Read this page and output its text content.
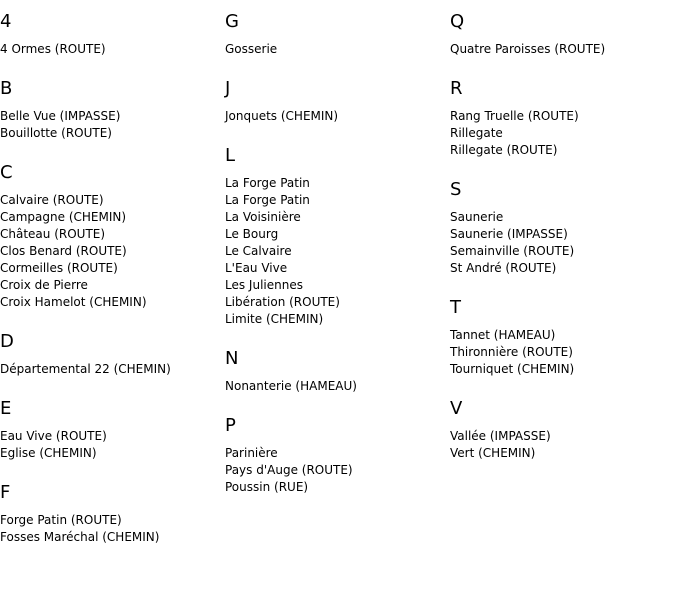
4
4 Ormes (ROUTE)
B
Belle Vue (IMPASSE)
Bouillotte (ROUTE)
C
Calvaire (ROUTE)
Campagne (CHEMIN)
Château (ROUTE)
Clos Benard (ROUTE)
Cormeilles (ROUTE)
Croix de Pierre
Croix Hamelot (CHEMIN)
D
Départemental 22 (CHEMIN)
E
Eau Vive (ROUTE)
Eglise (CHEMIN)
F
Forge Patin (ROUTE)
Fosses Maréchal (CHEMIN)
G
Gosserie
J
Jonquets (CHEMIN)
L
La Forge Patin
La Forge Patin
La Voisinière
Le Bourg
Le Calvaire
L'Eau Vive
Les Juliennes
Libération (ROUTE)
Limite (CHEMIN)
N
Nonanterie (HAMEAU)
P
Parinière
Pays d'Auge (ROUTE)
Poussin (RUE)
Q
Quatre Paroisses (ROUTE)
R
Rang Truelle (ROUTE)
Rillegate
Rillegate (ROUTE)
S
Saunerie
Saunerie (IMPASSE)
Semainville (ROUTE)
St André (ROUTE)
T
Tannet (HAMEAU)
Thironnière (ROUTE)
Tourniquet (CHEMIN)
V
Vallée (IMPASSE)
Vert (CHEMIN)
